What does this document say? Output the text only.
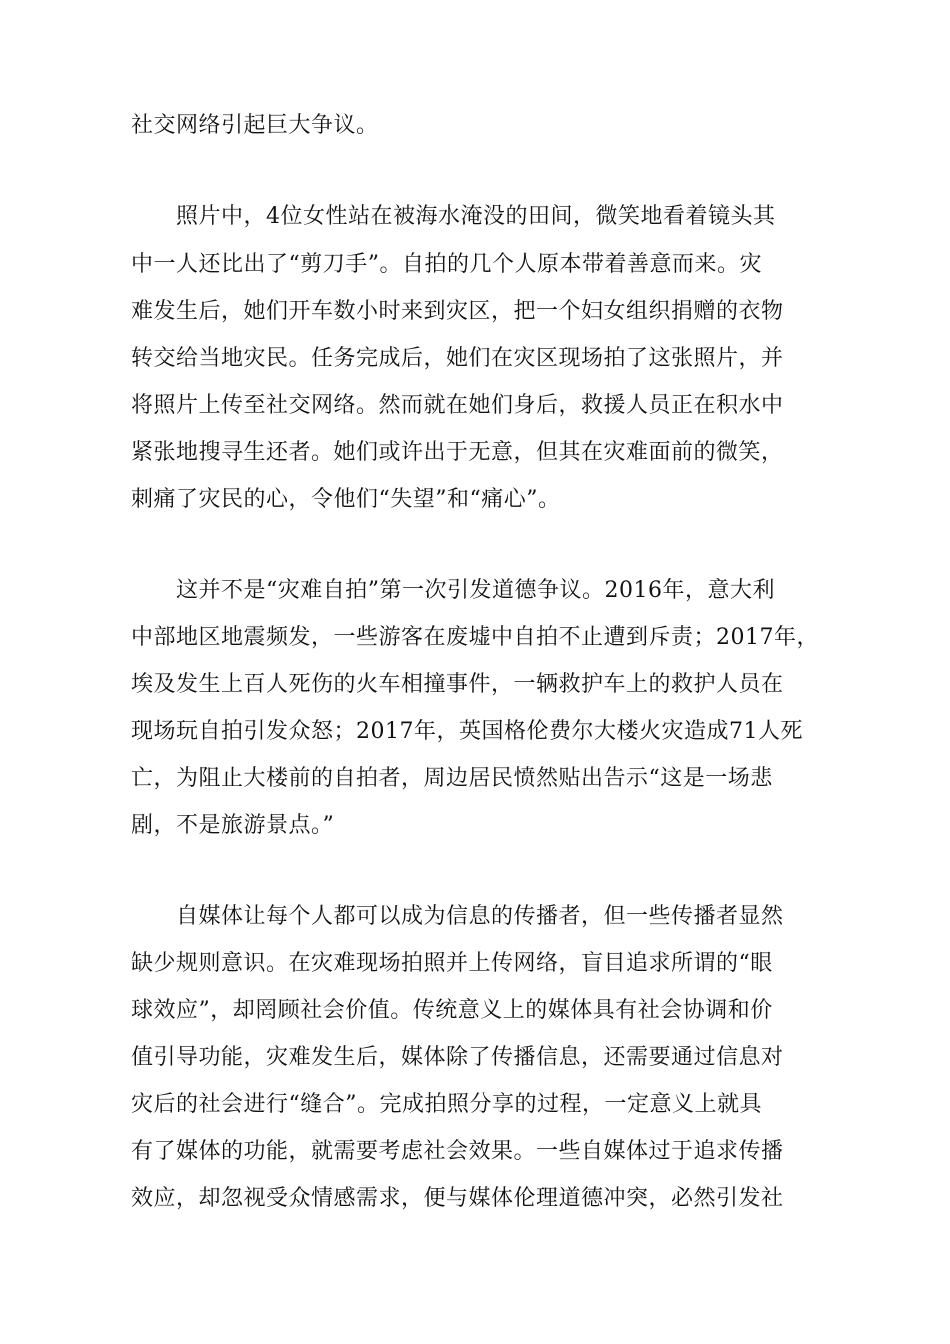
社交网络引起巨大争议。
　　照片中，4位女性站在被海水淹没的田间，微笑地看着镜头其
中一人还比出了“剪刀手”。自拍的几个人原本带着善意而来。灾
难发生后，她们开车数小时来到灾区，把一个妇女组织捐赠的衣物
转交给当地灾民。任务完成后，她们在灾区现场拍了这张照片，并
将照片上传至社交网络。然而就在她们身后，救援人员正在积水中
紧张地搜寻生还者。她们或许出于无意，但其在灾难面前的微笑，
刺痛了灾民的心，令他们“失望”和“痛心”。
　　这并不是“灾难自拍”第一次引发道德争议。2016年，意大利
中部地区地震频发，一些游客在废墟中自拍不止遭到斥责；2017年，
埃及发生上百人死伤的火车相撞事件，一辆救护车上的救护人员在
现场玩自拍引发众怒；2017年，英国格伦费尔大楼火灾造成71人死
亡，为阻止大楼前的自拍者，周边居民愤然贴出告示“这是一场悲
剧，不是旅游景点。”
　　自媒体让每个人都可以成为信息的传播者，但一些传播者显然
缺少规则意识。在灾难现场拍照并上传网络，盲目追求所谓的“眼
球效应”，却罔顾社会价值。传统意义上的媒体具有社会协调和价
值引导功能，灾难发生后，媒体除了传播信息，还需要通过信息对
灾后的社会进行“缝合”。完成拍照分享的过程，一定意义上就具
有了媒体的功能，就需要考虑社会效果。一些自媒体过于追求传播
效应，却忽视受众情感需求，便与媒体伦理道德冲突，必然引发社
